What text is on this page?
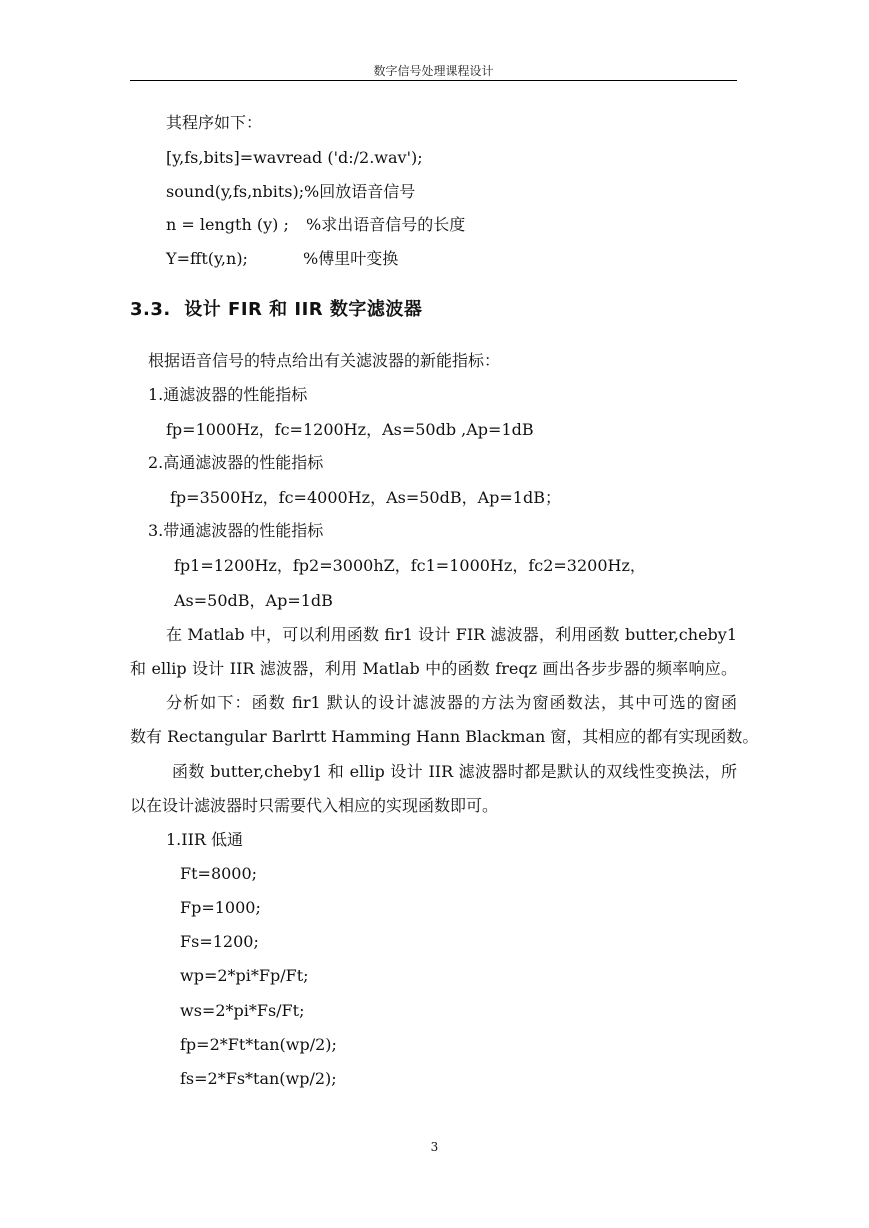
数字信号处理课程设计
其程序如下：
[y,fs,bits]=wavread ('d:/2.wav');
sound(y,fs,nbits); %回放语音信号
n = length (y) ; %求出语音信号的长度
Y=fft(y,n);	%傅里叶变换
3.3.  设计 FIR 和 IIR 数字滤波器
根据语音信号的特点给出有关滤波器的新能指标：
1.通滤波器的性能指标
fp=1000Hz，fc=1200Hz，As=50db ,Ap=1dB
2.高通滤波器的性能指标
fp=3500Hz，fc=4000Hz，As=50dB，Ap=1dB；
3.带通滤波器的性能指标
fp1=1200Hz，fp2=3000hZ，fc1=1000Hz，fc2=3200Hz，
As=50dB，Ap=1dB
在 Matlab 中，可以利用函数 fir1 设计 FIR 滤波器，利用函数 butter,cheby1
和 ellip 设计 IIR 滤波器，利用 Matlab 中的函数 freqz 画出各步步器的频率响应。
分析如下：函数 fir1 默认的设计滤波器的方法为窗函数法，其中可选的窗函
数有 Rectangular Barlrtt Hamming Hann Blackman 窗，其相应的都有实现函数。
函数 butter,cheby1 和 ellip 设计 IIR 滤波器时都是默认的双线性变换法，所
以在设计滤波器时只需要代入相应的实现函数即可。
1.IIR 低通
Ft=8000;
Fp=1000;
Fs=1200;
wp=2*pi*Fp/Ft;
ws=2*pi*Fs/Ft;
fp=2*Ft*tan(wp/2);
fs=2*Fs*tan(wp/2);
3
